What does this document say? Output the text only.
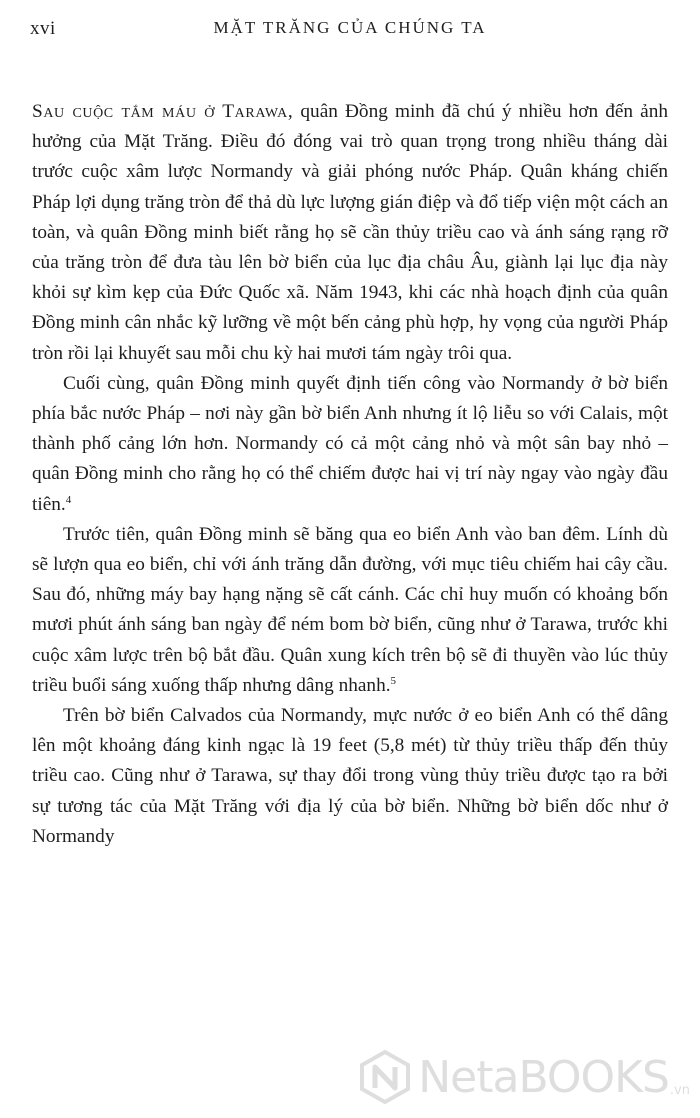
xvi	MẶT TRĂNG CỦA CHÚNG TA

Sau cuộc tắm máu ở Tarawa, quân Đồng minh đã chú ý nhiều hơn đến ảnh hưởng của Mặt Trăng. Điều đó đóng vai trò quan trọng trong nhiều tháng dài trước cuộc xâm lược Normandy và giải phóng nước Pháp. Quân kháng chiến Pháp lợi dụng trăng tròn để thả dù lực lượng gián điệp và đổ tiếp viện một cách an toàn, và quân Đồng minh biết rằng họ sẽ cần thủy triều cao và ánh sáng rạng rỡ của trăng tròn để đưa tàu lên bờ biển của lục địa châu Âu, giành lại lục địa này khỏi sự kìm kẹp của Đức Quốc xã. Năm 1943, khi các nhà hoạch định của quân Đồng minh cân nhắc kỹ lưỡng về một bến cảng phù hợp, hy vọng của người Pháp tròn rồi lại khuyết sau mỗi chu kỳ hai mươi tám ngày trôi qua.

Cuối cùng, quân Đồng minh quyết định tiến công vào Normandy ở bờ biển phía bắc nước Pháp – nơi này gần bờ biển Anh nhưng ít lộ liễu so với Calais, một thành phố cảng lớn hơn. Normandy có cả một cảng nhỏ và một sân bay nhỏ – quân Đồng minh cho rằng họ có thể chiếm được hai vị trí này ngay vào ngày đầu tiên.$^4$

Trước tiên, quân Đồng minh sẽ băng qua eo biển Anh vào ban đêm. Lính dù sẽ lượn qua eo biển, chỉ với ánh trăng dẫn đường, với mục tiêu chiếm hai cây cầu. Sau đó, những máy bay hạng nặng sẽ cất cánh. Các chỉ huy muốn có khoảng bốn mươi phút ánh sáng ban ngày để ném bom bờ biển, cũng như ở Tarawa, trước khi cuộc xâm lược trên bộ bắt đầu. Quân xung kích trên bộ sẽ đi thuyền vào lúc thủy triều buổi sáng xuống thấp nhưng dâng nhanh.$^5$

Trên bờ biển Calvados của Normandy, mực nước ở eo biển Anh có thể dâng lên một khoảng đáng kinh ngạc là 19 feet (5,8 mét) từ thủy triều thấp đến thủy triều cao. Cũng như ở Tarawa, sự thay đổi trong vùng thủy triều được tạo ra bởi sự tương tác của Mặt Trăng với địa lý của bờ biển. Những bờ biển dốc như ở Normandy

NetaBOOKS .vn
